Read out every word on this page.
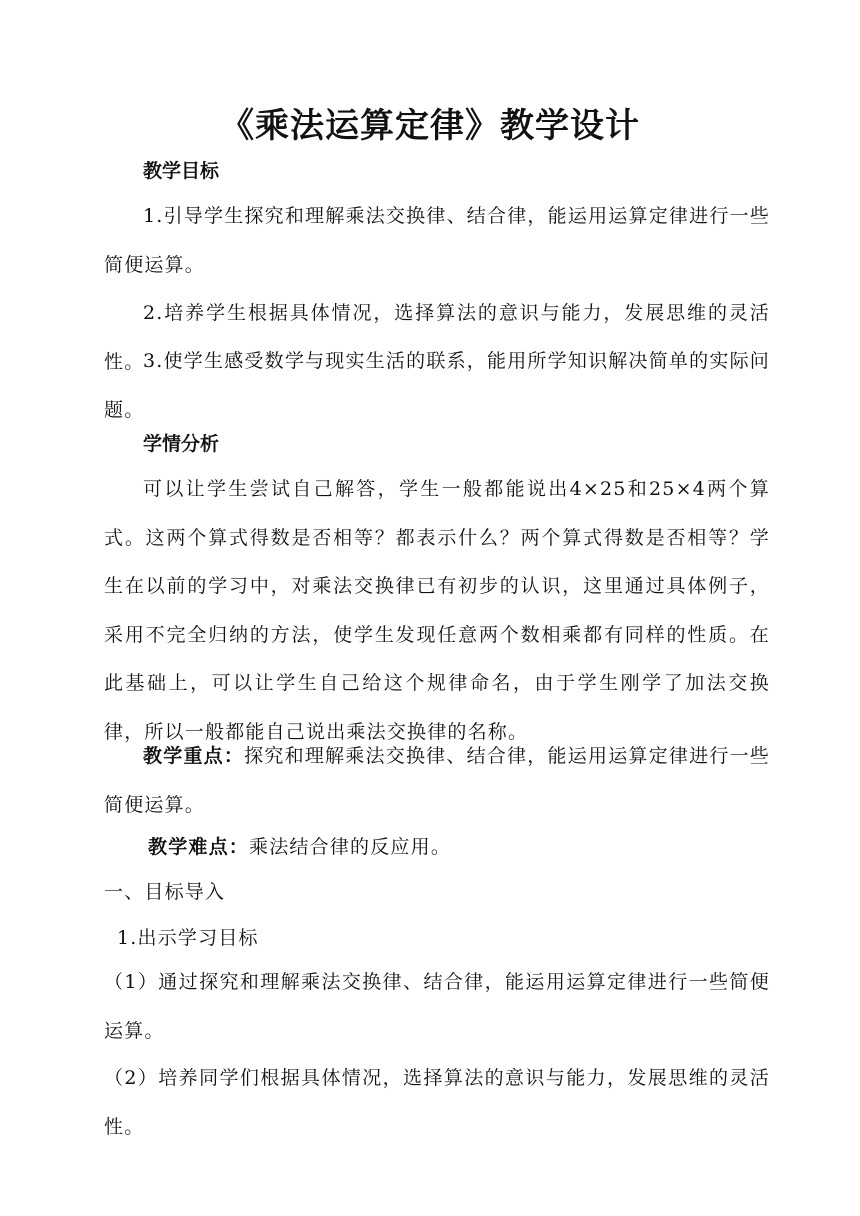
《乘法运算定律》教学设计
教学目标
1.引导学生探究和理解乘法交换律、结合律，能运用运算定律进行一些简便运算。
2.培养学生根据具体情况，选择算法的意识与能力，发展思维的灵活性。
3.使学生感受数学与现实生活的联系，能用所学知识解决简单的实际问题。
学情分析
可以让学生尝试自己解答，学生一般都能说出4×25和25×4两个算式。这两个算式得数是否相等？都表示什么？两个算式得数是否相等？学生在以前的学习中，对乘法交换律已有初步的认识，这里通过具体例子，采用不完全归纳的方法，使学生发现任意两个数相乘都有同样的性质。在此基础上，可以让学生自己给这个规律命名，由于学生刚学了加法交换律，所以一般都能自己说出乘法交换律的名称。
教学重点：探究和理解乘法交换律、结合律，能运用运算定律进行一些简便运算。
教学难点：乘法结合律的反应用。
一、目标导入
1.出示学习目标
（1）通过探究和理解乘法交换律、结合律，能运用运算定律进行一些简便运算。
（2）培养同学们根据具体情况，选择算法的意识与能力，发展思维的灵活性。
